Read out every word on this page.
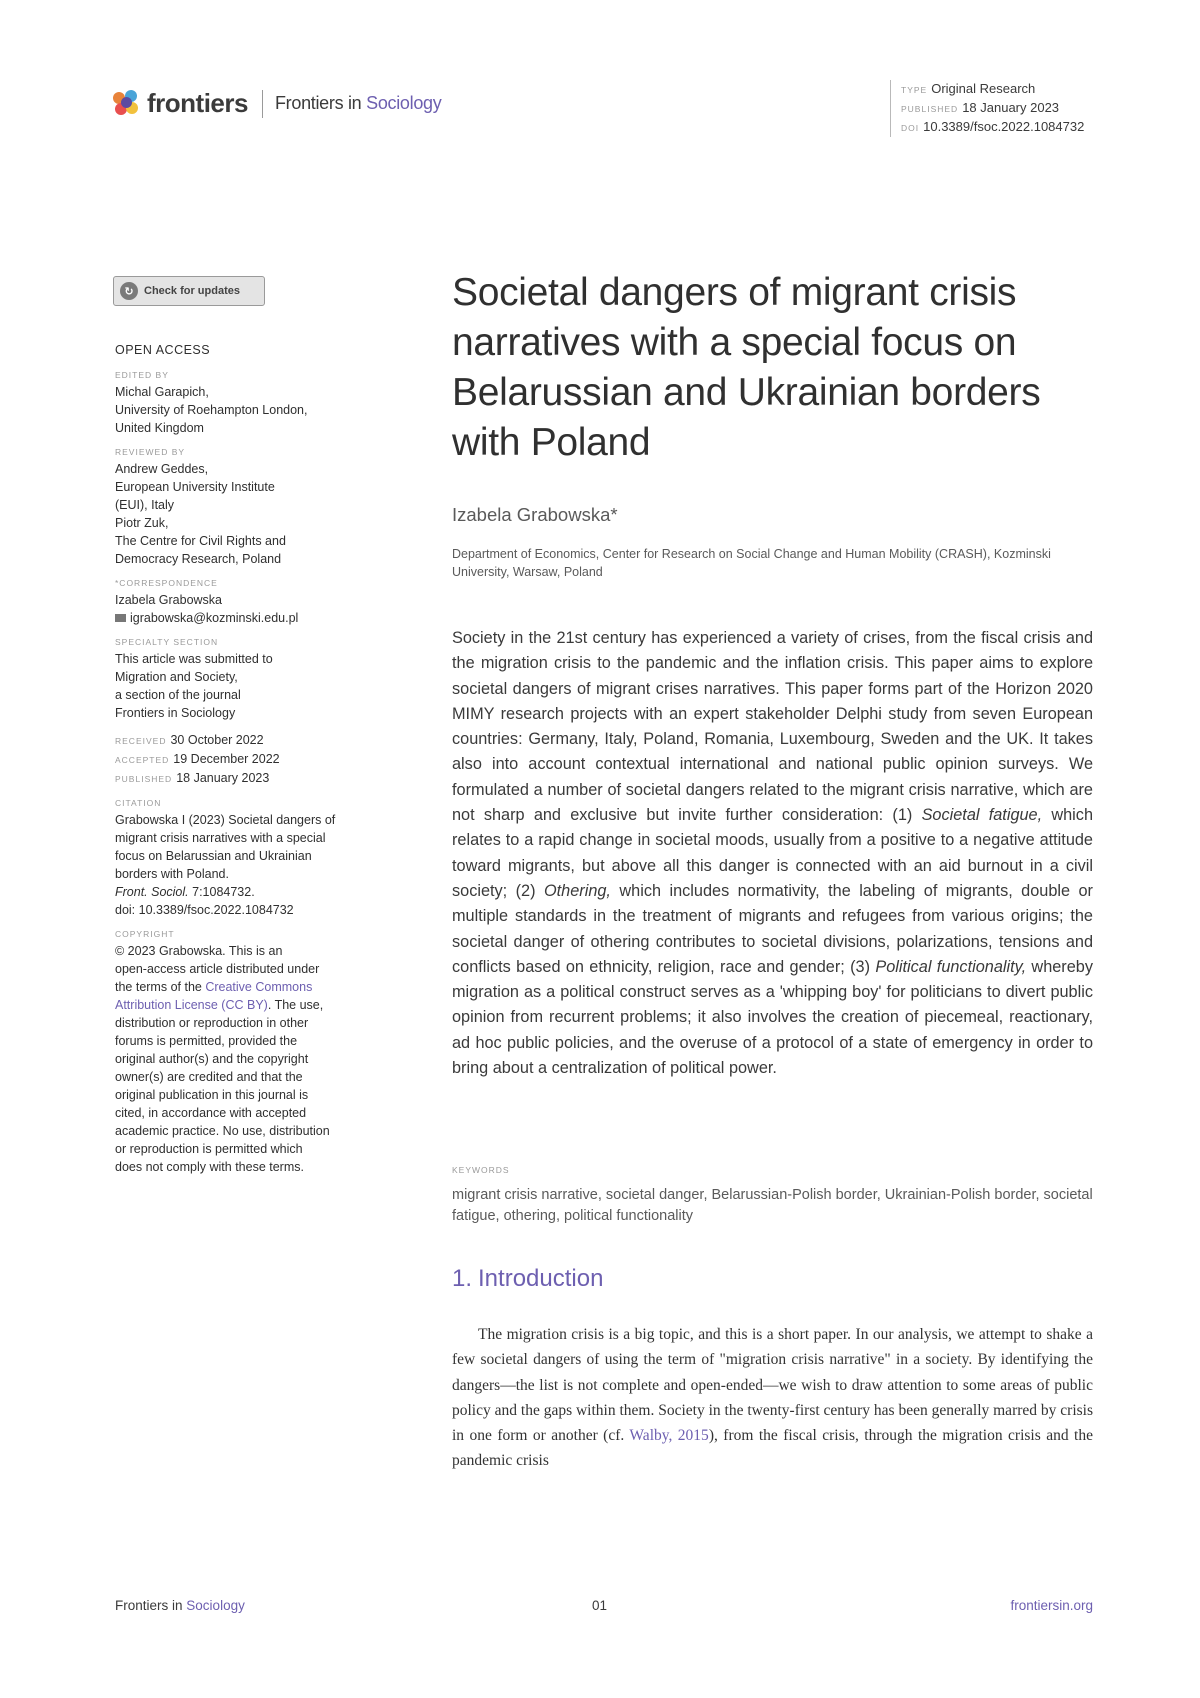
frontiers Frontiers in Sociology
TYPE Original Research
PUBLISHED 18 January 2023
DOI 10.3389/fsoc.2022.1084732
↻ Check for updates
OPEN ACCESS
EDITED BY
Michal Garapich,
University of Roehampton London,
United Kingdom
REVIEWED BY
Andrew Geddes,
European University Institute
(EUI), Italy
Piotr Zuk,
The Centre for Civil Rights and
Democracy Research, Poland
*CORRESPONDENCE
Izabela Grabowska
igrabowska@kozminski.edu.pl
SPECIALTY SECTION
This article was submitted to
Migration and Society,
a section of the journal
Frontiers in Sociology
RECEIVED 30 October 2022
ACCEPTED 19 December 2022
PUBLISHED 18 January 2023
CITATION
Grabowska I (2023) Societal dangers of
migrant crisis narratives with a special
focus on Belarussian and Ukrainian
borders with Poland.
Front. Sociol. 7:1084732.
doi: 10.3389/fsoc.2022.1084732
COPYRIGHT
© 2023 Grabowska. This is an
open-access article distributed under
the terms of the Creative Commons
Attribution License (CC BY). The use,
distribution or reproduction in other
forums is permitted, provided the
original author(s) and the copyright
owner(s) are credited and that the
original publication in this journal is
cited, in accordance with accepted
academic practice. No use, distribution
or reproduction is permitted which
does not comply with these terms.
Societal dangers of migrant crisis narratives with a special focus on Belarussian and Ukrainian borders with Poland
Izabela Grabowska*
Department of Economics, Center for Research on Social Change and Human Mobility (CRASH), Kozminski University, Warsaw, Poland

Society in the 21st century has experienced a variety of crises, from the fiscal crisis and the migration crisis to the pandemic and the inflation crisis. This paper aims to explore societal dangers of migrant crises narratives. This paper forms part of the Horizon 2020 MIMY research projects with an expert stakeholder Delphi study from seven European countries: Germany, Italy, Poland, Romania, Luxembourg, Sweden and the UK. It takes also into account contextual international and national public opinion surveys. We formulated a number of societal dangers related to the migrant crisis narrative, which are not sharp and exclusive but invite further consideration: (1) Societal fatigue, which relates to a rapid change in societal moods, usually from a positive to a negative attitude toward migrants, but above all this danger is connected with an aid burnout in a civil society; (2) Othering, which includes normativity, the labeling of migrants, double or multiple standards in the treatment of migrants and refugees from various origins; the societal danger of othering contributes to societal divisions, polarizations, tensions and conflicts based on ethnicity, religion, race and gender; (3) Political functionality, whereby migration as a political construct serves as a 'whipping boy' for politicians to divert public opinion from recurrent problems; it also involves the creation of piecemeal, reactionary, ad hoc public policies, and the overuse of a protocol of a state of emergency in order to bring about a centralization of political power.

KEYWORDS
migrant crisis narrative, societal danger, Belarussian-Polish border, Ukrainian-Polish border, societal fatigue, othering, political functionality
1. Introduction

The migration crisis is a big topic, and this is a short paper. In our analysis, we attempt to shake a few societal dangers of using the term of "migration crisis narrative" in a society. By identifying the dangers—the list is not complete and open-ended—we wish to draw attention to some areas of public policy and the gaps within them. Society in the twenty-first century has been generally marred by crisis in one form or another (cf. Walby, 2015), from the fiscal crisis, through the migration crisis and the pandemic crisis

Frontiers in Sociology	01	frontiersin.org
